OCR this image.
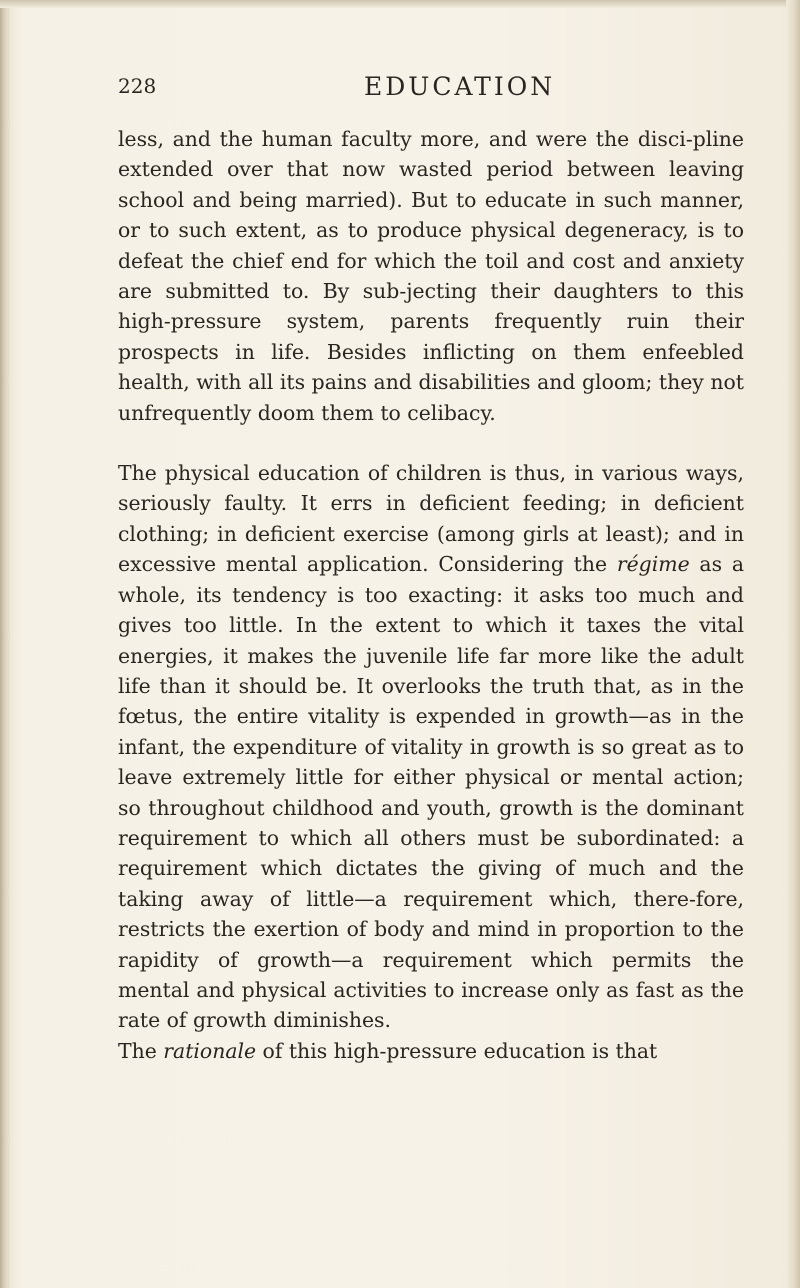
228	EDUCATION

less, and the human faculty more, and were the disci-pline extended over that now wasted period between leaving school and being married). But to educate in such manner, or to such extent, as to produce physical degeneracy, is to defeat the chief end for which the toil and cost and anxiety are submitted to. By sub-jecting their daughters to this high-pressure system, parents frequently ruin their prospects in life. Besides inflicting on them enfeebled health, with all its pains and disabilities and gloom; they not unfrequently doom them to celibacy.

The physical education of children is thus, in various ways, seriously faulty. It errs in deficient feeding; in deficient clothing; in deficient exercise (among girls at least); and in excessive mental application. Considering the régime as a whole, its tendency is too exacting: it asks too much and gives too little. In the extent to which it taxes the vital energies, it makes the juvenile life far more like the adult life than it should be. It overlooks the truth that, as in the fœtus, the entire vitality is expended in growth—as in the infant, the expenditure of vitality in growth is so great as to leave extremely little for either physical or mental action; so throughout childhood and youth, growth is the dominant requirement to which all others must be subordinated: a requirement which dictates the giving of much and the taking away of little—a requirement which, there-fore, restricts the exertion of body and mind in proportion to the rapidity of growth—a requirement which permits the mental and physical activities to increase only as fast as the rate of growth diminishes.

The rationale of this high-pressure education is that
